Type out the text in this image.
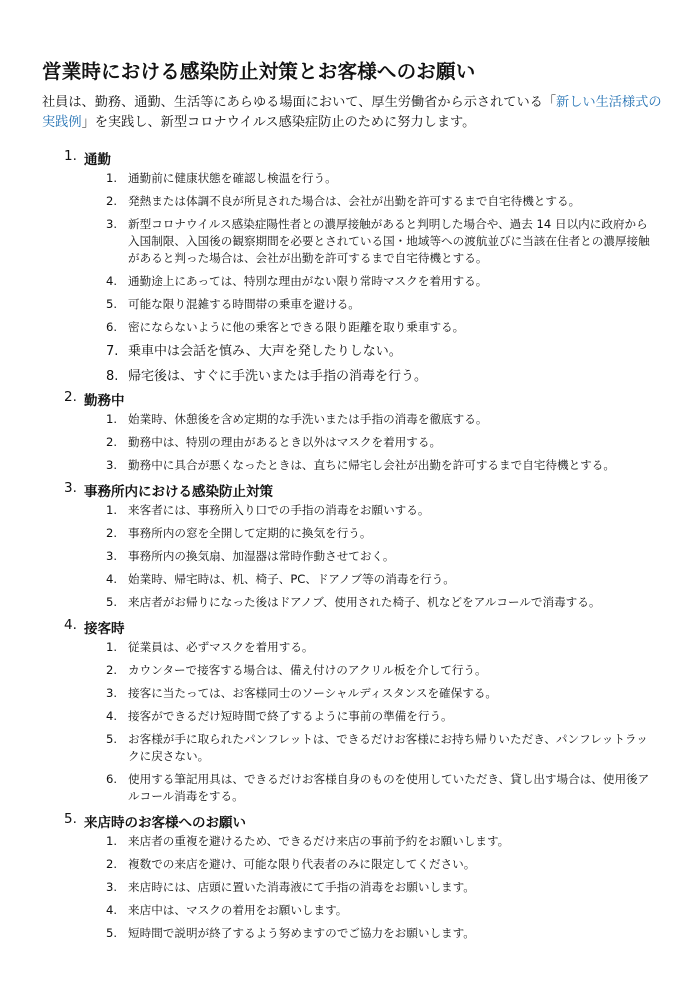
営業時における感染防止対策とお客様へのお願い
社員は、勤務、通勤、生活等にあらゆる場面において、厚生労働省から示されている「新しい生活様式の実践例」を実践し、新型コロナウイルス感染症防止のために努力します。
1. 通勤
1. 通勤前に健康状態を確認し検温を行う。
2. 発熱または体調不良が所見された場合は、会社が出勤を許可するまで自宅待機とする。
3. 新型コロナウイルス感染症陽性者との濃厚接触があると判明した場合や、過去 14 日以内に政府から入国制限、入国後の観察期間を必要とされている国・地域等への渡航並びに当該在住者との濃厚接触があると判った場合は、会社が出勤を許可するまで自宅待機とする。
4. 通勤途上にあっては、特別な理由がない限り常時マスクを着用する。
5. 可能な限り混雑する時間帯の乗車を避ける。
6. 密にならないように他の乗客とできる限り距離を取り乗車する。
7. 乗車中は会話を慎み、大声を発したりしない。
8. 帰宅後は、すぐに手洗いまたは手指の消毒を行う。
2. 勤務中
1. 始業時、休憩後を含め定期的な手洗いまたは手指の消毒を徹底する。
2. 勤務中は、特別の理由があるとき以外はマスクを着用する。
3. 勤務中に具合が悪くなったときは、直ちに帰宅し会社が出勤を許可するまで自宅待機とする。
3. 事務所内における感染防止対策
1. 来客者には、事務所入り口での手指の消毒をお願いする。
2. 事務所内の窓を全開して定期的に換気を行う。
3. 事務所内の換気扇、加湿器は常時作動させておく。
4. 始業時、帰宅時は、机、椅子、PC、ドアノブ等の消毒を行う。
5. 来店者がお帰りになった後はドアノブ、使用された椅子、机などをアルコールで消毒する。
4. 接客時
1. 従業員は、必ずマスクを着用する。
2. カウンターで接客する場合は、備え付けのアクリル板を介して行う。
3. 接客に当たっては、お客様同士のソーシャルディスタンスを確保する。
4. 接客ができるだけ短時間で終了するように事前の準備を行う。
5. お客様が手に取られたパンフレットは、できるだけお客様にお持ち帰りいただき、パンフレットラックに戻さない。
6. 使用する筆記用具は、できるだけお客様自身のものを使用していただき、貸し出す場合は、使用後アルコール消毒をする。
5. 来店時のお客様へのお願い
1. 来店者の重複を避けるため、できるだけ来店の事前予約をお願いします。
2. 複数での来店を避け、可能な限り代表者のみに限定してください。
3. 来店時には、店頭に置いた消毒液にて手指の消毒をお願いします。
4. 来店中は、マスクの着用をお願いします。
5. 短時間で説明が終了するよう努めますのでご協力をお願いします。
